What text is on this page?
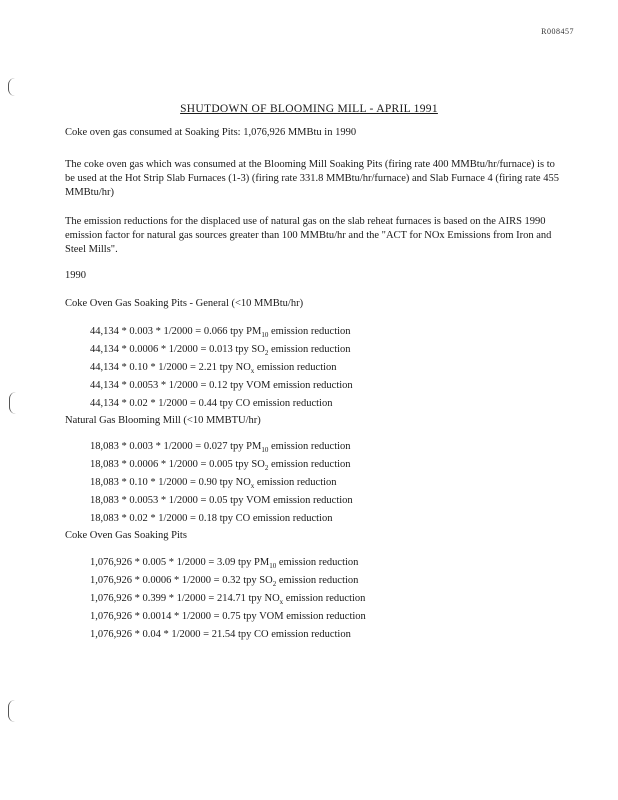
R008457
SHUTDOWN OF BLOOMING MILL - APRIL 1991
Coke oven gas consumed at Soaking Pits: 1,076,926 MMBtu in 1990
The coke oven gas which was consumed at the Blooming Mill Soaking Pits (firing rate 400 MMBtu/hr/furnace) is to be used at the Hot Strip Slab Furnaces (1-3) (firing rate 331.8 MMBtu/hr/furnace) and Slab Furnace 4 (firing rate 455 MMBtu/hr)
The emission reductions for the displaced use of natural gas on the slab reheat furnaces is based on the AIRS 1990 emission factor for natural gas sources greater than 100 MMBtu/hr and the "ACT for NOx Emissions from Iron and Steel Mills".
1990
Coke Oven Gas Soaking Pits - General (<10 MMBtu/hr)
44,134 * 0.003 * 1/2000 = 0.066 tpy $PM_{10}$ emission reduction
44,134 * 0.0006 * 1/2000 = 0.013 tpy $SO_2$ emission reduction
44,134 * 0.10 * 1/2000 = 2.21 tpy $NO_x$ emission reduction
44,134 * 0.0053 * 1/2000 = 0.12 tpy VOM emission reduction
44,134 * 0.02 * 1/2000 = 0.44 tpy CO emission reduction
Natural Gas Blooming Mill (<10 MMBTU/hr)
18,083 * 0.003 * 1/2000 = 0.027 tpy $PM_{10}$ emission reduction
18,083 * 0.0006 * 1/2000 = 0.005 tpy $SO_2$ emission reduction
18,083 * 0.10 * 1/2000 = 0.90 tpy $NO_x$ emission reduction
18,083 * 0.0053 * 1/2000 = 0.05 tpy VOM emission reduction
18,083 * 0.02 * 1/2000 = 0.18 tpy CO emission reduction
Coke Oven Gas Soaking Pits
1,076,926 * 0.005 * 1/2000 = 3.09 tpy $PM_{10}$ emission reduction
1,076,926 * 0.0006 * 1/2000 = 0.32 tpy $SO_2$ emission reduction
1,076,926 * 0.399 * 1/2000 = 214.71 tpy $NO_x$ emission reduction
1,076,926 * 0.0014 * 1/2000 = 0.75 tpy VOM emission reduction
1,076,926 * 0.04 * 1/2000 = 21.54 tpy CO emission reduction
